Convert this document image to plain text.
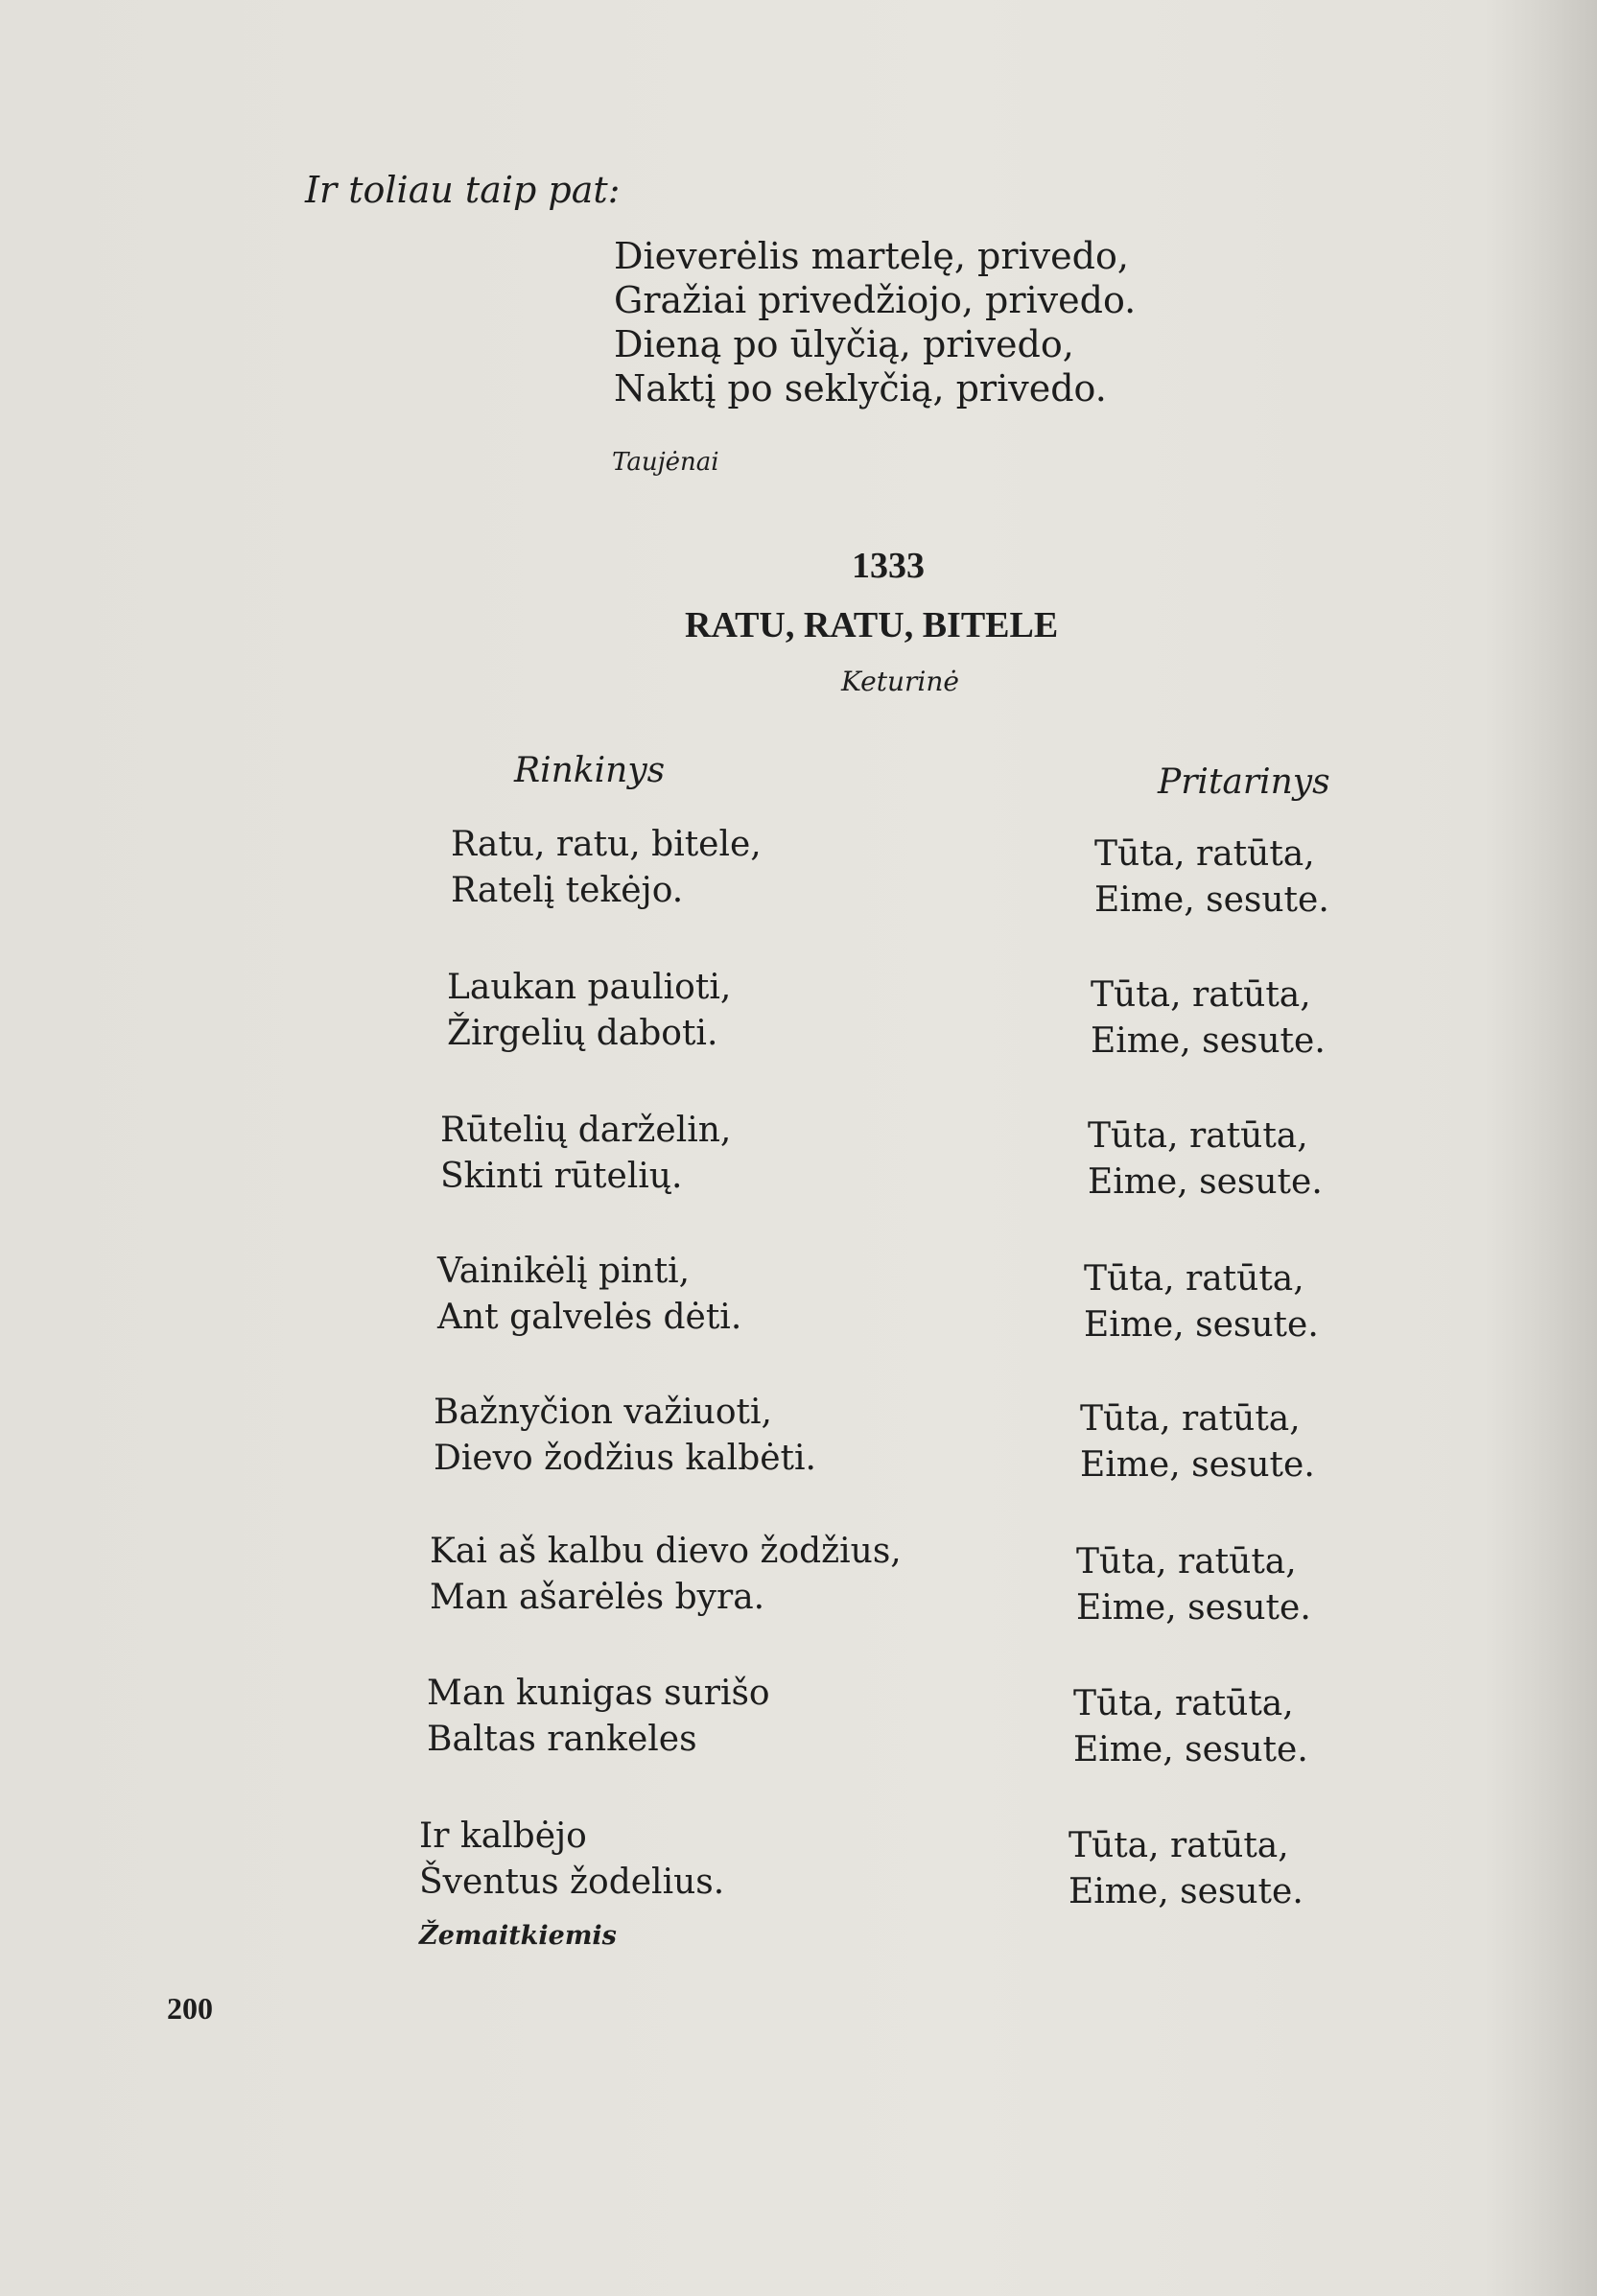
Ir toliau taip pat:
Dieverėlis martelę, privedo,
Gražiai privedžiojo, privedo.
Dieną po ūlyčią, privedo,
Naktį po seklyčią, privedo.
Taujėnai
1333
RATU, RATU, BITELE
Keturinė
Rinkinys	Pritarinys
Ratu, ratu, bitele,
Ratelį tekėjo.
Tūta, ratūta,
Eime, sesute.
Laukan paulioti,
Žirgelių daboti.
Tūta, ratūta,
Eime, sesute.
Rūtelių darželin,
Skinti rūtelių.
Tūta, ratūta,
Eime, sesute.
Vainikėlį pinti,
Ant galvelės dėti.
Tūta, ratūta,
Eime, sesute.
Bažnyčion važiuoti,
Dievo žodžius kalbėti.
Tūta, ratūta,
Eime, sesute.
Kai aš kalbu dievo žodžius,
Man ašarėlės byra.
Tūta, ratūta,
Eime, sesute.
Man kunigas surišo
Baltas rankeles
Tūta, ratūta,
Eime, sesute.
Ir kalbėjo
Šventus žodelius.
Tūta, ratūta,
Eime, sesute.
Žemaitkiemis
200
